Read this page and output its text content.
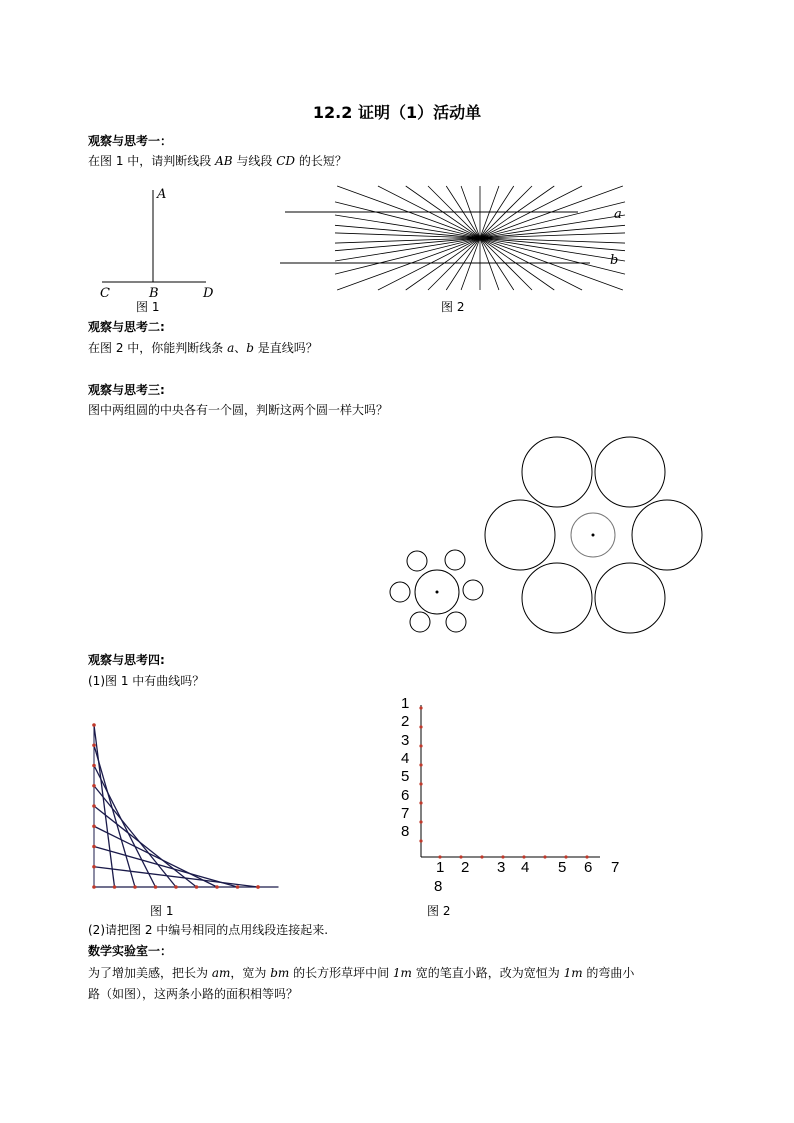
12.2 证明（1）活动单
观察与思考一：
在图 1 中，请判断线段 AB 与线段 CD 的长短？
A
B
C	D
图 1
a
b
图 2
观察与思考二:
在图 2 中，你能判断线条 a、b 是直线吗？
观察与思考三:
图中两组圆的中央各有一个圆，判断这两个圆一样大吗？
观察与思考四:
(1)图 1 中有曲线吗？
图 1
1
2
3
4
5
6
7
8
1 2 3 4 5 6 7
8
图 2
(2)请把图 2 中编号相同的点用线段连接起来.
数学实验室一：
为了增加美感，把长为 am，宽为 bm 的长方形草坪中间 1m 宽的笔直小路，改为宽恒为 1m 的弯曲小
路（如图），这两条小路的面积相等吗？
